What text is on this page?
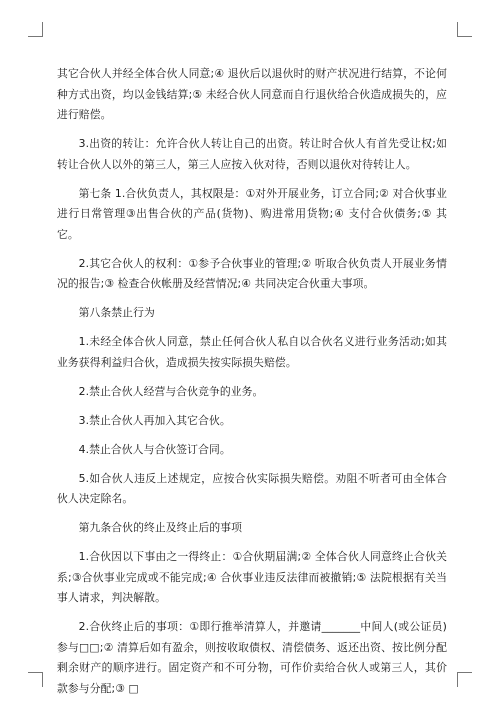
其它合伙人并经全体合伙人同意;④ 退伙后以退伙时的财产状况进行结算，不论何种方式出资，均以金钱结算;⑤ 未经合伙人同意而自行退伙给合伙造成损失的，应进行赔偿。

3.出资的转让：允许合伙人转让自己的出资。转让时合伙人有首先受让权;如转让合伙人以外的第三人，第三人应按入伙对待，否则以退伙对待转让人。

第七条 1.合伙负责人，其权限是：①对外开展业务，订立合同;② 对合伙事业进行日常管理③出售合伙的产品(货物)、购进常用货物;④ 支付合伙债务;⑤ 其它。

2.其它合伙人的权利：①参予合伙事业的管理;② 听取合伙负责人开展业务情况的报告;③ 检查合伙帐册及经营情况;④ 共同决定合伙重大事项。

第八条禁止行为

1.未经全体合伙人同意，禁止任何合伙人私自以合伙名义进行业务活动;如其业务获得利益归合伙，造成损失按实际损失赔偿。

2.禁止合伙人经营与合伙竞争的业务。

3.禁止合伙人再加入其它合伙。

4.禁止合伙人与合伙签订合同。

5.如合伙人违反上述规定，应按合伙实际损失赔偿。劝阻不听者可由全体合伙人决定除名。

第九条合伙的终止及终止后的事项

1.合伙因以下事由之一得终止：①合伙期届满;② 全体合伙人同意终止合伙关系;③合伙事业完成或不能完成;④ 合伙事业违反法律而被撤销;⑤ 法院根据有关当事人请求，判决解散。

2.合伙终止后的事项：①即行推举清算人，并邀请_______中间人(或公证员)参与□□;② 清算后如有盈余，则按收取债权、清偿债务、返还出资、按比例分配剩余财产的顺序进行。固定资产和不可分物，可作价卖给合伙人或第三人，其价款参与分配;③ □
